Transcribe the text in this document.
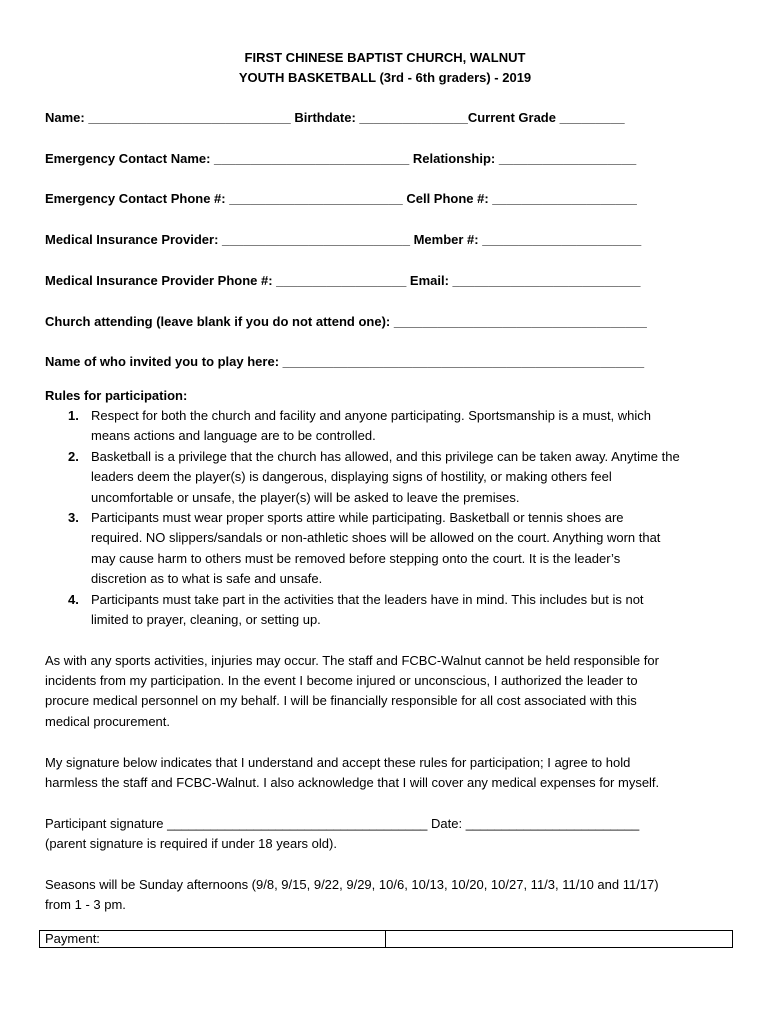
FIRST CHINESE BAPTIST CHURCH, WALNUT
YOUTH BASKETBALL (3rd - 6th graders) - 2019
Name: ____________________________ Birthdate: _______________Current Grade _________
Emergency Contact Name: ___________________________ Relationship: ___________________
Emergency Contact Phone #: ________________________ Cell Phone #: ____________________
Medical Insurance Provider: __________________________ Member #: ______________________
Medical Insurance Provider Phone #: __________________ Email: __________________________
Church attending (leave blank if you do not attend one): ___________________________________
Name of who invited you to play here: __________________________________________________
Rules for participation:
1. Respect for both the church and facility and anyone participating. Sportsmanship is a must, which
means actions and language are to be controlled.
2. Basketball is a privilege that the church has allowed, and this privilege can be taken away. Anytime the
leaders deem the player(s) is dangerous, displaying signs of hostility, or making others feel
uncomfortable or unsafe, the player(s) will be asked to leave the premises.
3. Participants must wear proper sports attire while participating. Basketball or tennis shoes are
required. NO slippers/sandals or non-athletic shoes will be allowed on the court. Anything worn that
may cause harm to others must be removed before stepping onto the court. It is the leader’s
discretion as to what is safe and unsafe.
4. Participants must take part in the activities that the leaders have in mind. This includes but is not
limited to prayer, cleaning, or setting up.
As with any sports activities, injuries may occur. The staff and FCBC-Walnut cannot be held responsible for
incidents from my participation. In the event I become injured or unconscious, I authorized the leader to
procure medical personnel on my behalf. I will be financially responsible for all cost associated with this
medical procurement.
My signature below indicates that I understand and accept these rules for participation; I agree to hold
harmless the staff and FCBC-Walnut. I also acknowledge that I will cover any medical expenses for myself.
Participant signature ____________________________________ Date: ________________________
(parent signature is required if under 18 years old).
Seasons will be Sunday afternoons (9/8, 9/15, 9/22, 9/29, 10/6, 10/13, 10/20, 10/27, 11/3, 11/10 and 11/17)
from 1 - 3 pm.
Payment:
